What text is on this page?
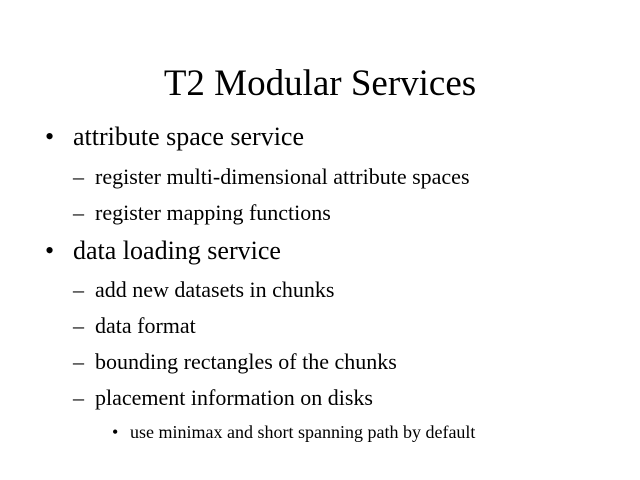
T2 Modular Services
• attribute space service
– register multi-dimensional attribute spaces
– register mapping functions
• data loading service
– add new datasets in chunks
– data format
– bounding rectangles of the chunks
– placement information on disks
• use minimax and short spanning path by default
